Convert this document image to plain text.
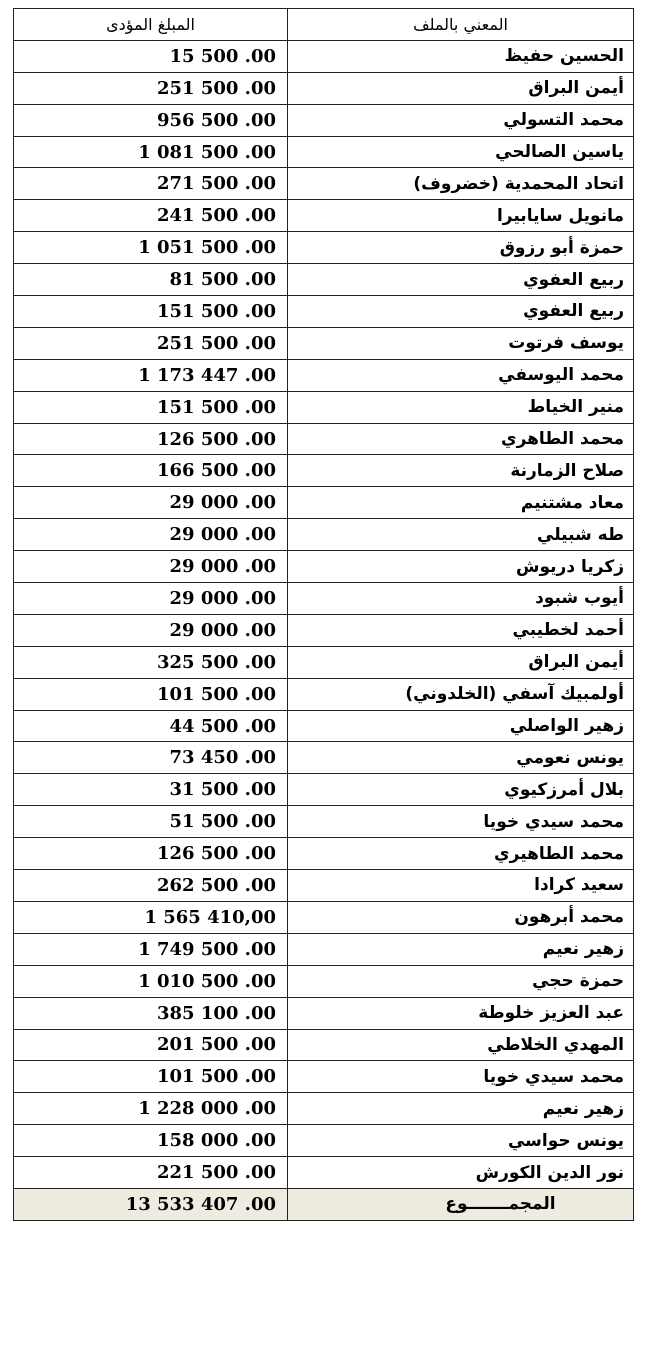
المبلغ المؤدى	المعني بالملف
15 500 .00	الحسين حفيظ
251 500 .00	أيمن البراق
956 500 .00	محمد التسولي
1 081 500 .00	ياسين الصالحي
271 500 .00	اتحاد المحمدية (خضروف)
241 500 .00	مانويل سايابيرا
1 051 500 .00	حمزة أبو رزوق
81 500 .00	ربيع العفوي
151 500 .00	ربيع العفوي
251 500 .00	يوسف فرتوت
1 173 447 .00	محمد اليوسفي
151 500 .00	منير الخياط
126 500 .00	محمد الطاهري
166 500 .00	صلاح الزمارنة
29 000 .00	معاد مشتنيم
29 000 .00	طه شبيلي
29 000 .00	زكريا دريوش
29 000 .00	أيوب شبود
29 000 .00	أحمد لخطيبي
325 500 .00	أيمن البراق
101 500 .00	أولمبيك آسفي (الخلدوني)
44 500 .00	زهير الواصلي
73 450 .00	يونس نعومي
31 500 .00	بلال أمرزكيوي
51 500 .00	محمد سيدي خويا
126 500 .00	محمد الطاهيري
262 500 .00	سعيد كرادا
1 565 410,00	محمد أبرهون
1 749 500 .00	زهير نعيم
1 010 500 .00	حمزة حجي
385 100 .00	عبد العزيز خلوطة
201 500 .00	المهدي الخلاطي
101 500 .00	محمد سيدي خويا
1 228 000 .00	زهير نعيم
158 000 .00	يونس حواسي
221 500 .00	نور الدين الكورش
13 533 407 .00	المجمـــــــوع
